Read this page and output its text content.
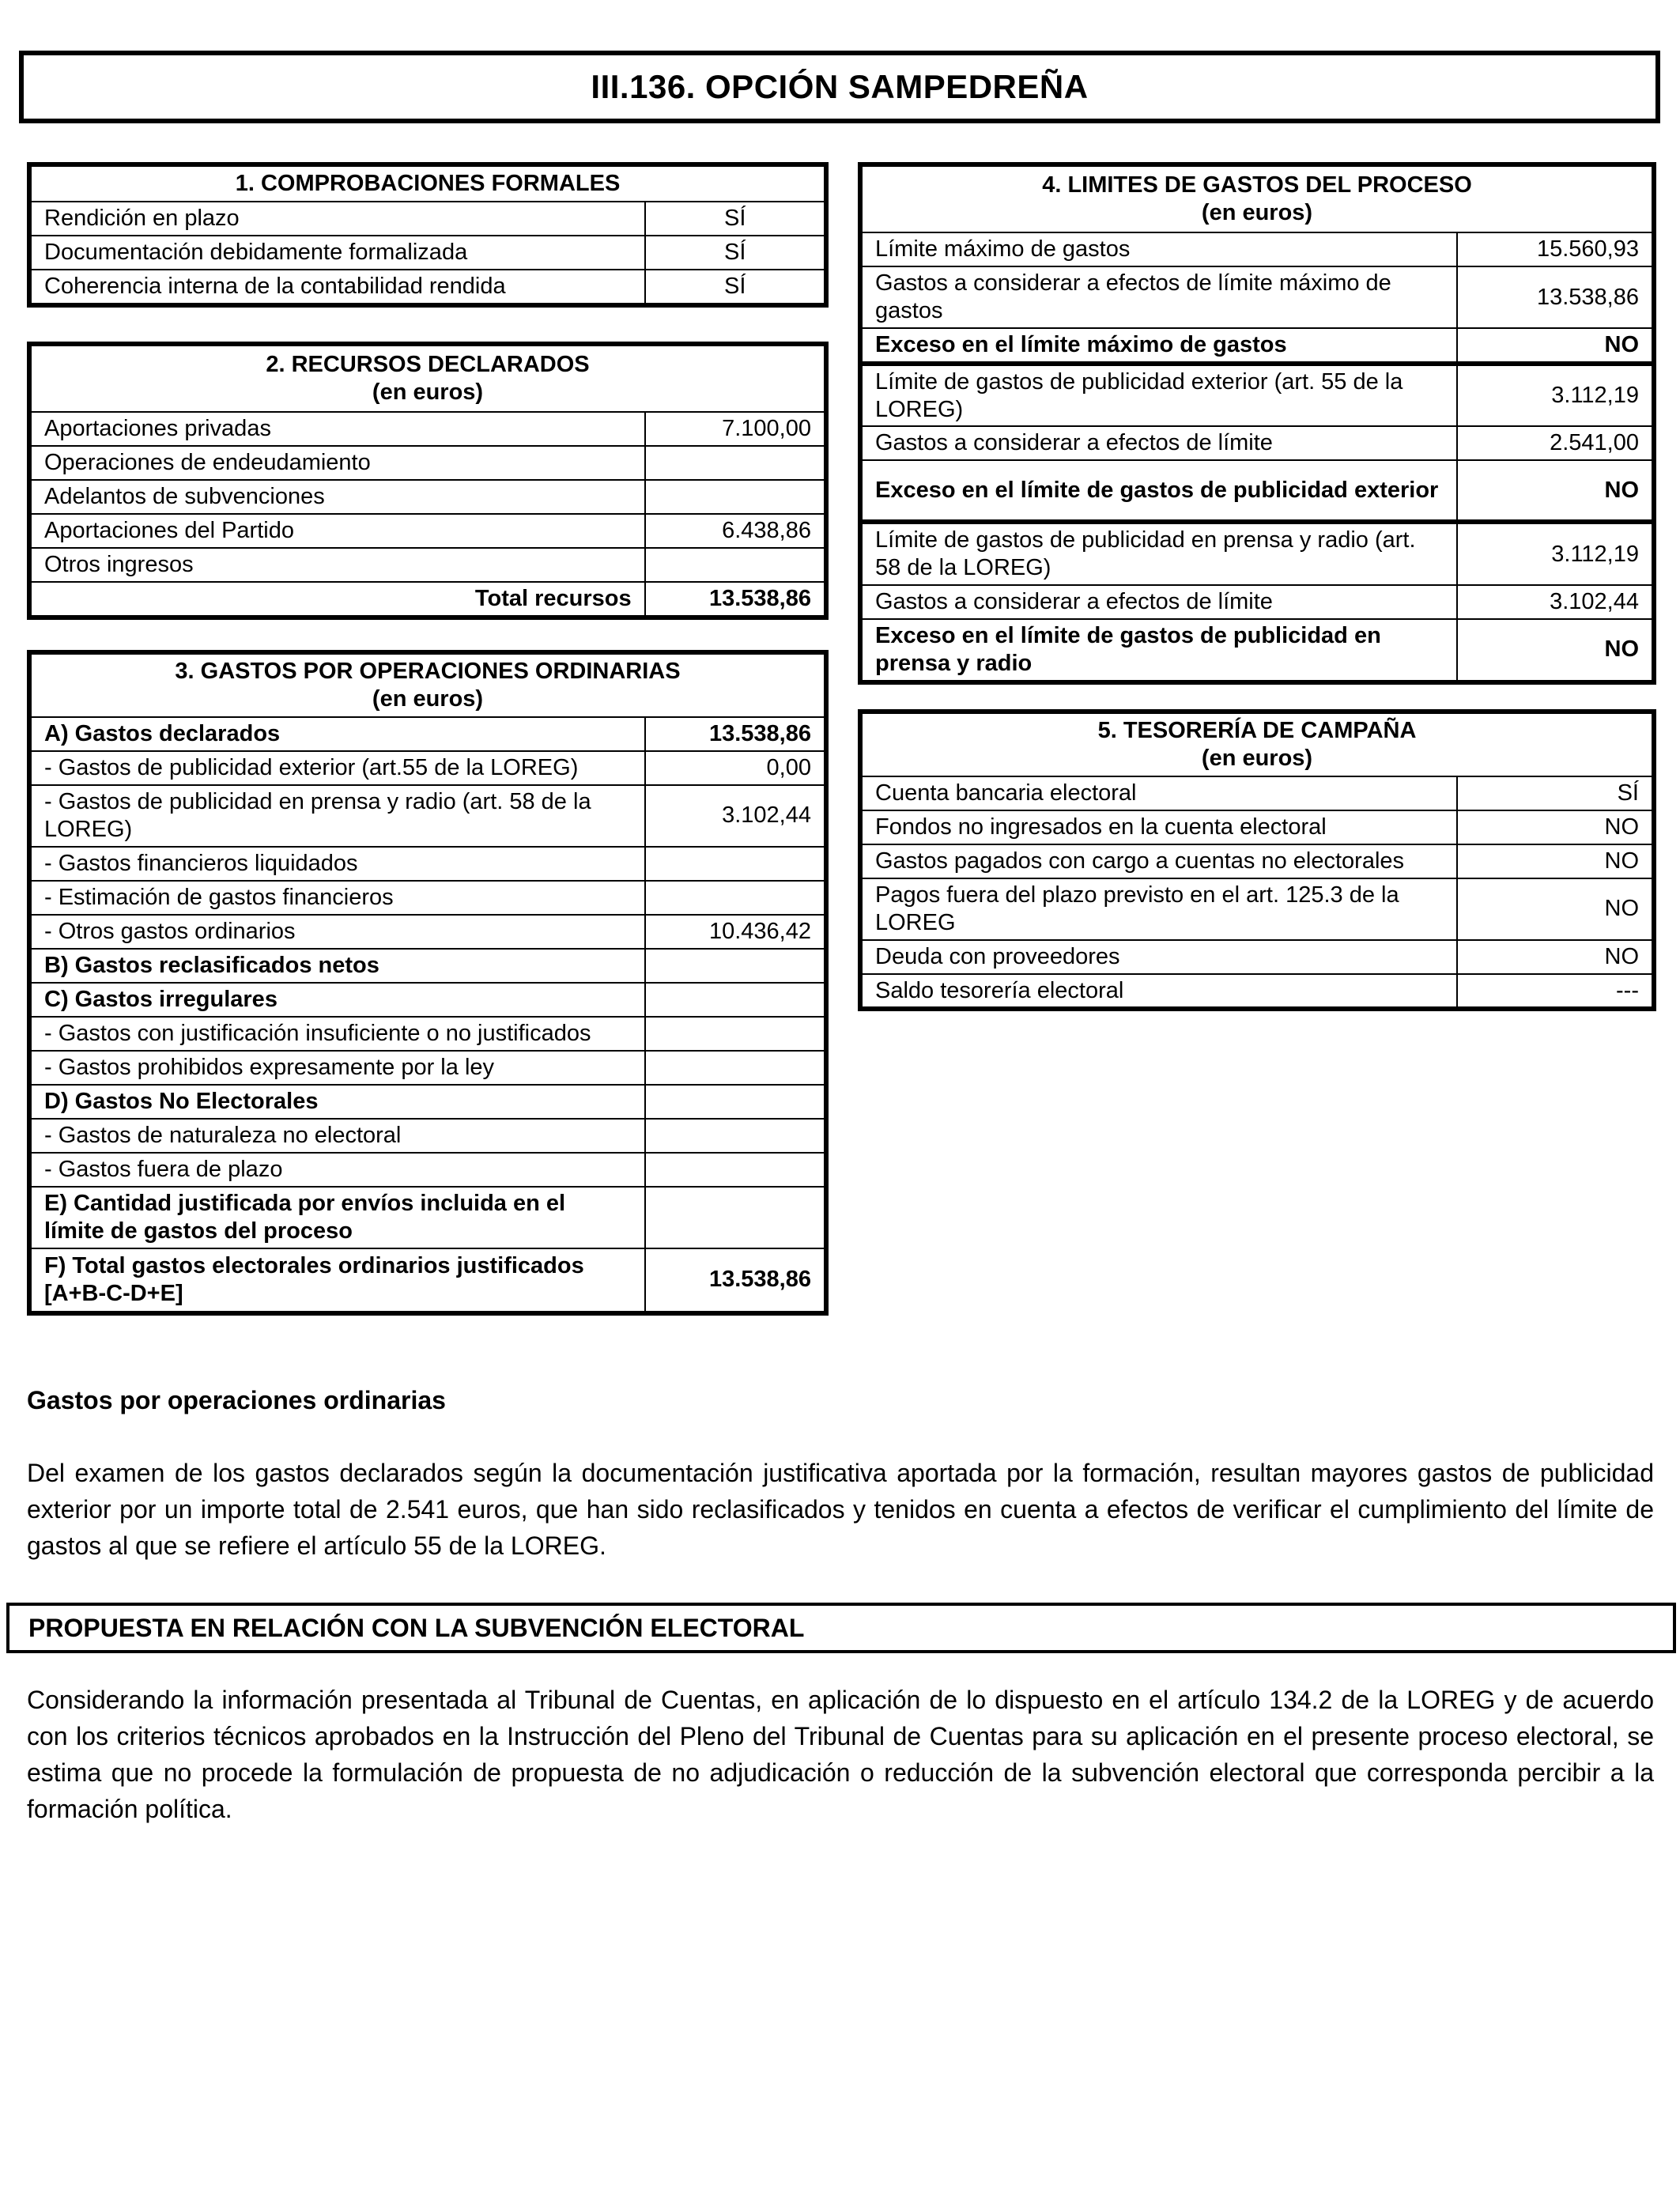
III.136. OPCIÓN SAMPEDREÑA
1. COMPROBACIONES FORMALES	
Rendición en plazo	SÍ
Documentación debidamente formalizada	SÍ
Coherencia interna de la contabilidad rendida	SÍ
2. RECURSOS DECLARADOS
(en euros)	
Aportaciones privadas	7.100,00
Operaciones de endeudamiento	
Adelantos de subvenciones	
Aportaciones del Partido	6.438,86
Otros ingresos	
Total recursos	13.538,86
3. GASTOS POR OPERACIONES ORDINARIAS
(en euros)	
A) Gastos declarados	13.538,86
- Gastos de publicidad exterior (art.55 de la LOREG)	0,00
- Gastos de publicidad en prensa y radio (art. 58 de la LOREG)	3.102,44
- Gastos financieros liquidados	
- Estimación de gastos financieros	
- Otros gastos ordinarios	10.436,42
B) Gastos reclasificados netos	
C) Gastos irregulares	
- Gastos con justificación insuficiente o no justificados	
- Gastos prohibidos expresamente por la ley	
D) Gastos No Electorales	
- Gastos de naturaleza no electoral	
- Gastos fuera de plazo	
E) Cantidad justificada por envíos incluida en el límite de gastos del proceso	
F) Total gastos electorales ordinarios justificados [A+B-C-D+E]	13.538,86
4. LIMITES DE GASTOS DEL PROCESO
(en euros)	
Límite máximo de gastos	15.560,93
Gastos a considerar a efectos de límite máximo de gastos	13.538,86
Exceso en el límite máximo de gastos	NO
Límite de gastos de publicidad exterior (art. 55 de la LOREG)	3.112,19
Gastos a considerar a efectos de límite	2.541,00
Exceso en el límite de gastos de publicidad exterior	NO
Límite de gastos de publicidad en prensa y radio (art. 58 de la LOREG)	3.112,19
Gastos a considerar a efectos de límite	3.102,44
Exceso en el límite de gastos de publicidad en prensa y radio	NO
5. TESORERÍA DE CAMPAÑA
(en euros)	
Cuenta bancaria electoral	SÍ
Fondos no ingresados en la cuenta electoral	NO
Gastos pagados con cargo a cuentas no electorales	NO
Pagos fuera del plazo previsto en el art. 125.3 de la LOREG	NO
Deuda con proveedores	NO
Saldo tesorería electoral	---
Gastos por operaciones ordinarias
Del examen de los gastos declarados según la documentación justificativa aportada por la formación, resultan mayores gastos de publicidad exterior por un importe total de 2.541 euros, que han sido reclasificados y tenidos en cuenta a efectos de verificar el cumplimiento del límite de gastos al que se refiere el artículo 55 de la LOREG.
PROPUESTA EN RELACIÓN CON LA SUBVENCIÓN ELECTORAL
Considerando la información presentada al Tribunal de Cuentas, en aplicación de lo dispuesto en el artículo 134.2 de la LOREG y de acuerdo con los criterios técnicos aprobados en la Instrucción del Pleno del Tribunal de Cuentas para su aplicación en el presente proceso electoral, se estima que no procede la formulación de propuesta de no adjudicación o reducción de la subvención electoral que corresponda percibir a la formación política.
